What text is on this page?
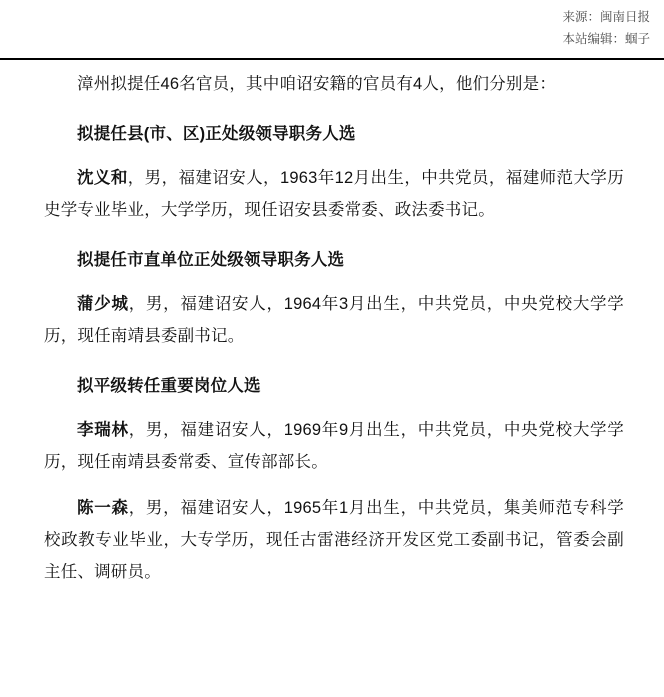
来源：闽南日报
本站编辑：蝈子

漳州拟提任46名官员，其中咱诏安籍的官员有4人，他们分别是：

拟提任县(市、区)正处级领导职务人选

沈义和，男，福建诏安人，1963年12月出生，中共党员，福建师范大学历史学专业毕业，大学学历，现任诏安县委常委、政法委书记。

拟提任市直单位正处级领导职务人选

蒲少城，男，福建诏安人，1964年3月出生，中共党员，中央党校大学学历，现任南靖县委副书记。

拟平级转任重要岗位人选

李瑞林，男，福建诏安人，1969年9月出生，中共党员，中央党校大学学历，现任南靖县委常委、宣传部部长。

陈一森，男，福建诏安人，1965年1月出生，中共党员，集美师范专科学校政教专业毕业，大专学历，现任古雷港经济开发区党工委副书记，管委会副主任、调研员。
